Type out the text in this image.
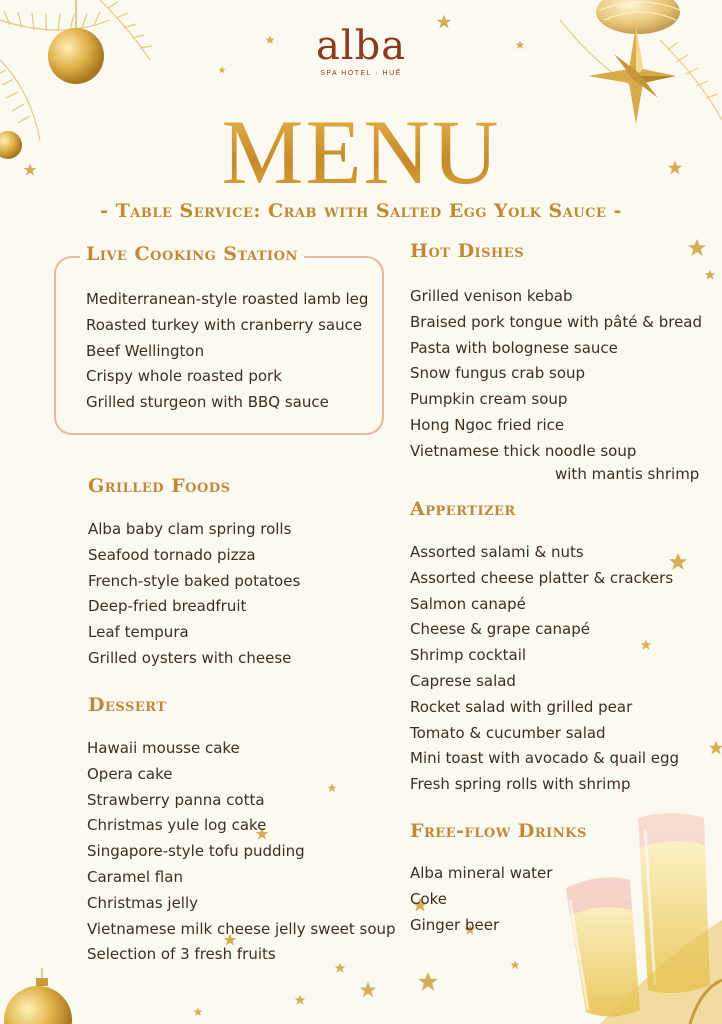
alba
SPA HOTEL · HUẾ
MENU
- Table Service: Crab with Salted Egg Yolk Sauce -
Live Cooking Station
Mediterranean-style roasted lamb leg
Roasted turkey with cranberry sauce
Beef Wellington
Crispy whole roasted pork
Grilled sturgeon with BBQ sauce
Hot Dishes
Grilled venison kebab
Braised pork tongue with pâté & bread
Pasta with bolognese sauce
Snow fungus crab soup
Pumpkin cream soup
Hong Ngoc fried rice
Vietnamese thick noodle soup
with mantis shrimp
Grilled Foods
Alba baby clam spring rolls
Seafood tornado pizza
French-style baked potatoes
Deep-fried breadfruit
Leaf tempura
Grilled oysters with cheese
Appertizer
Assorted salami & nuts
Assorted cheese platter & crackers
Salmon canapé
Cheese & grape canapé
Shrimp cocktail
Caprese salad
Rocket salad with grilled pear
Tomato & cucumber salad
Mini toast with avocado & quail egg
Fresh spring rolls with shrimp
Dessert
Hawaii mousse cake
Opera cake
Strawberry panna cotta
Christmas yule log cake
Singapore-style tofu pudding
Caramel flan
Christmas jelly
Vietnamese milk cheese jelly sweet soup
Selection of 3 fresh fruits
Free-flow Drinks
Alba mineral water
Coke
Ginger beer
